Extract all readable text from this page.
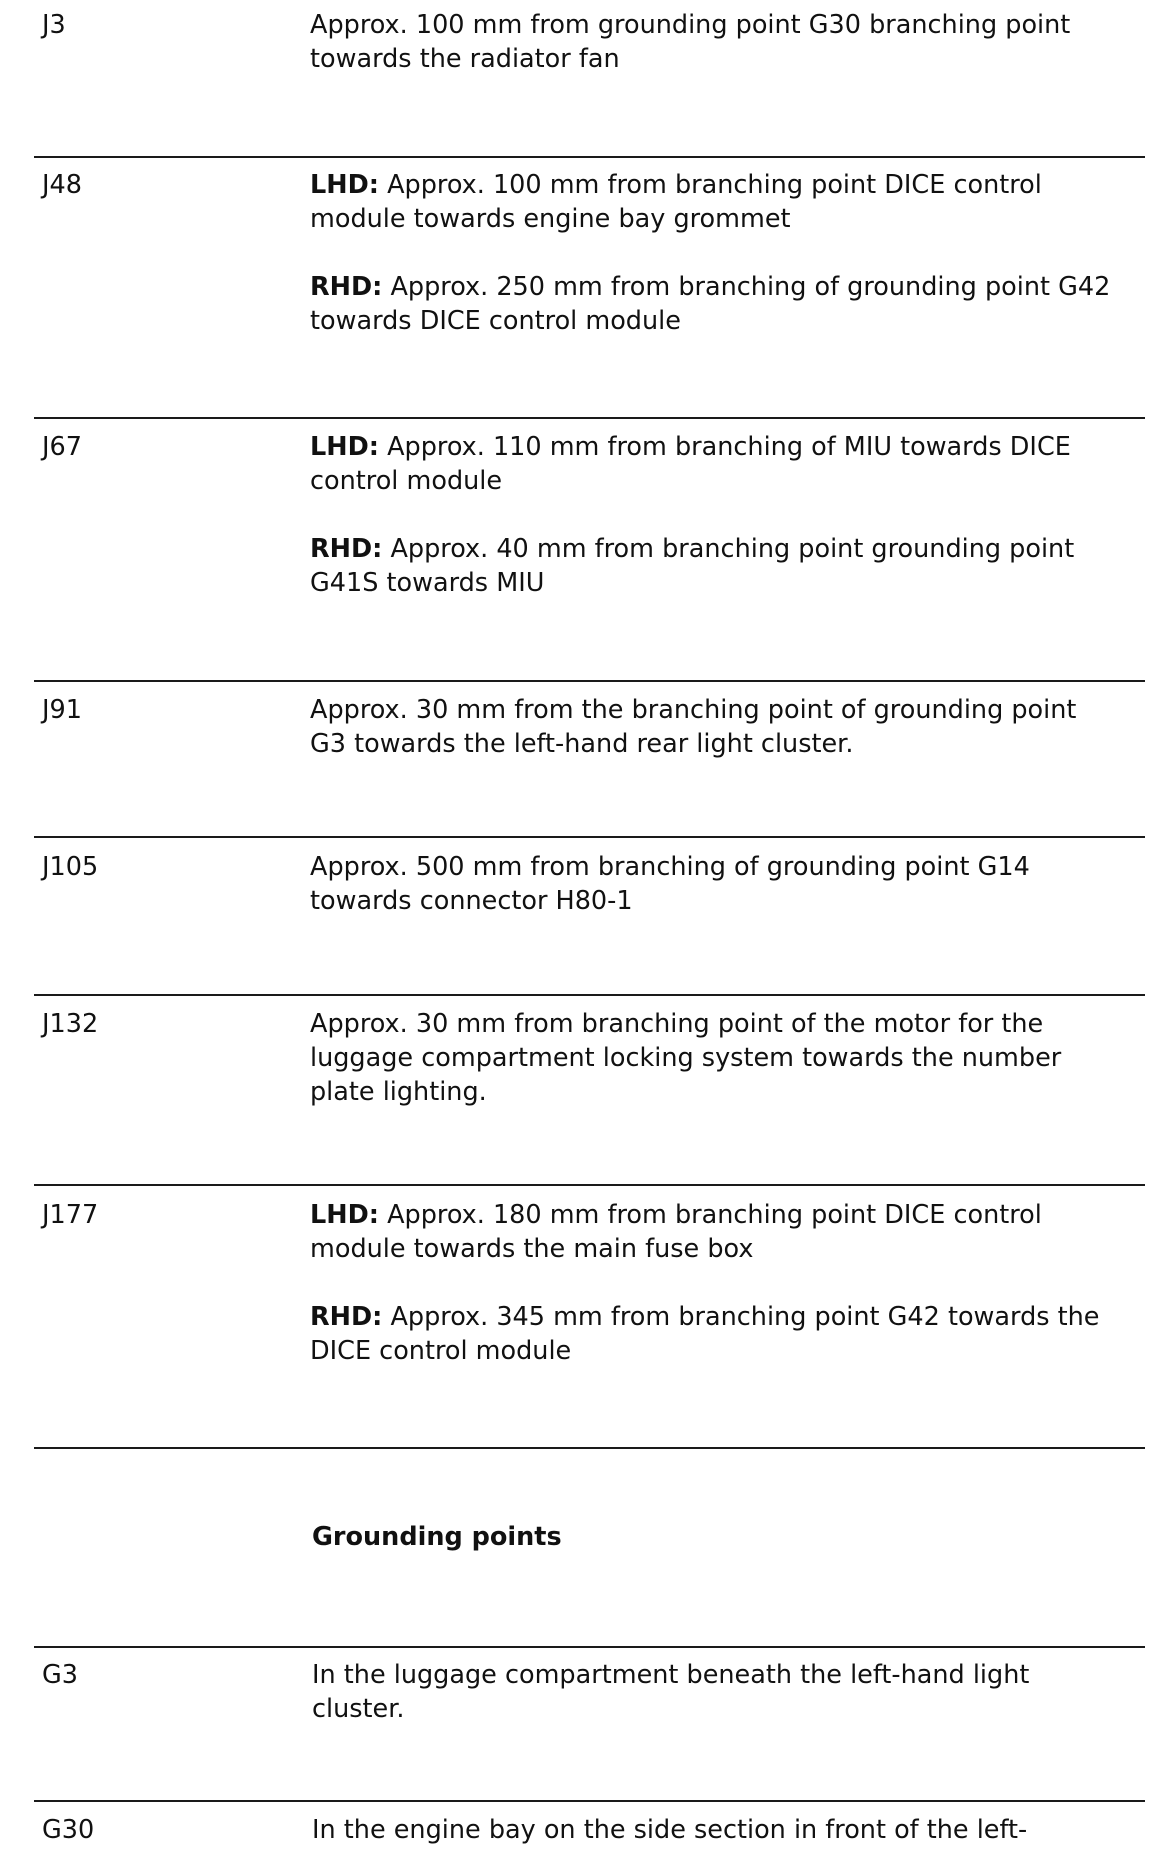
J3	Approx. 100 mm from grounding point G30 branching point towards the radiator fan

J48	LHD: Approx. 100 mm from branching point DICE control module towards engine bay grommet

RHD: Approx. 250 mm from branching of grounding point G42 towards DICE control module

J67	LHD: Approx. 110 mm from branching of MIU towards DICE control module

RHD: Approx. 40 mm from branching point grounding point G41S towards MIU

J91	Approx. 30 mm from the branching point of grounding point G3 towards the left-hand rear light cluster.

J105	Approx. 500 mm from branching of grounding point G14 towards connector H80-1

J132	Approx. 30 mm from branching point of the motor for the luggage compartment locking system towards the number plate lighting.

J177	LHD: Approx. 180 mm from branching point DICE control module towards the main fuse box

RHD: Approx. 345 mm from branching point G42 towards the DICE control module

Grounding points
G3	In the luggage compartment beneath the left-hand light cluster.

G30	In the engine bay on the side section in front of the left-
